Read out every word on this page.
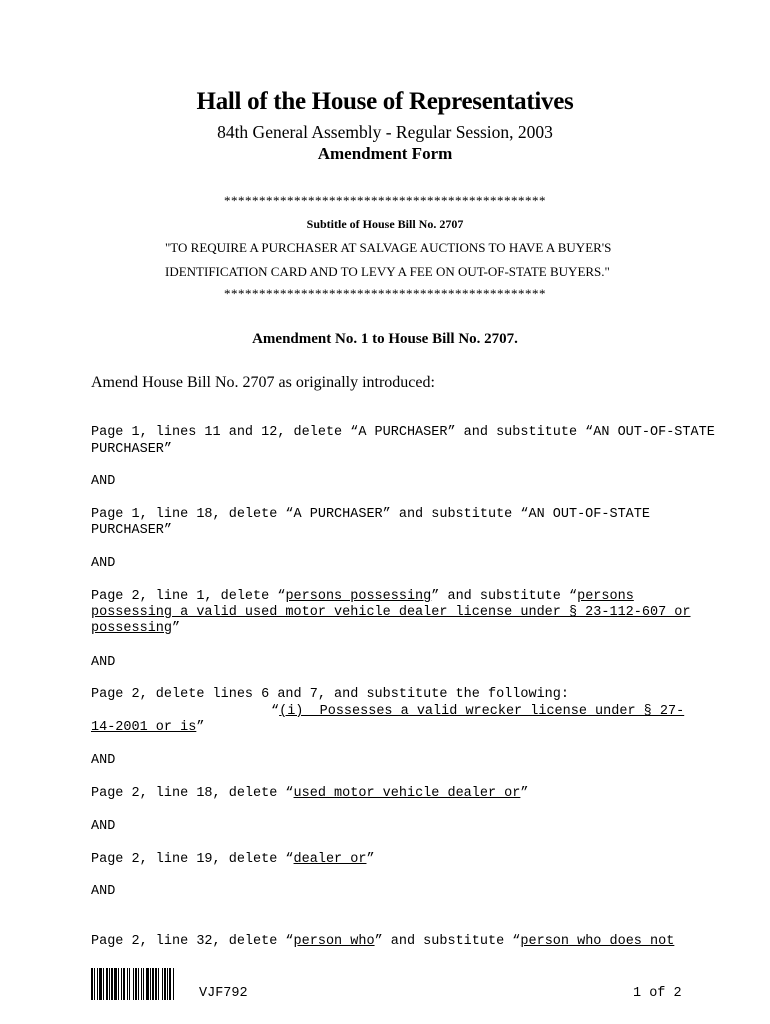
Hall of the House of Representatives
84th General Assembly - Regular Session, 2003
Amendment Form
**********************************************
Subtitle of House Bill No. 2707
"TO REQUIRE A PURCHASER AT SALVAGE AUCTIONS TO HAVE A BUYER'S
IDENTIFICATION CARD AND TO LEVY A FEE ON OUT-OF-STATE BUYERS."
**********************************************
Amendment No. 1 to House Bill No. 2707.
Amend House Bill No. 2707 as originally introduced:
Page 1, lines 11 and 12, delete “A PURCHASER” and substitute “AN OUT-OF-STATE
PURCHASER”
AND
Page 1, line 18, delete “A PURCHASER” and substitute “AN OUT-OF-STATE
PURCHASER”
AND
Page 2, line 1, delete “persons possessing” and substitute “persons
possessing a valid used motor vehicle dealer license under § 23-112-607 or
possessing”
AND
Page 2, delete lines 6 and 7, and substitute the following:
“(i)  Possesses a valid wrecker license under § 27-
14-2001 or is”
AND
Page 2, line 18, delete “used motor vehicle dealer or”
AND
Page 2, line 19, delete “dealer or”
AND
Page 2, line 32, delete “person who” and substitute “person who does not
VJF792	1 of 2
